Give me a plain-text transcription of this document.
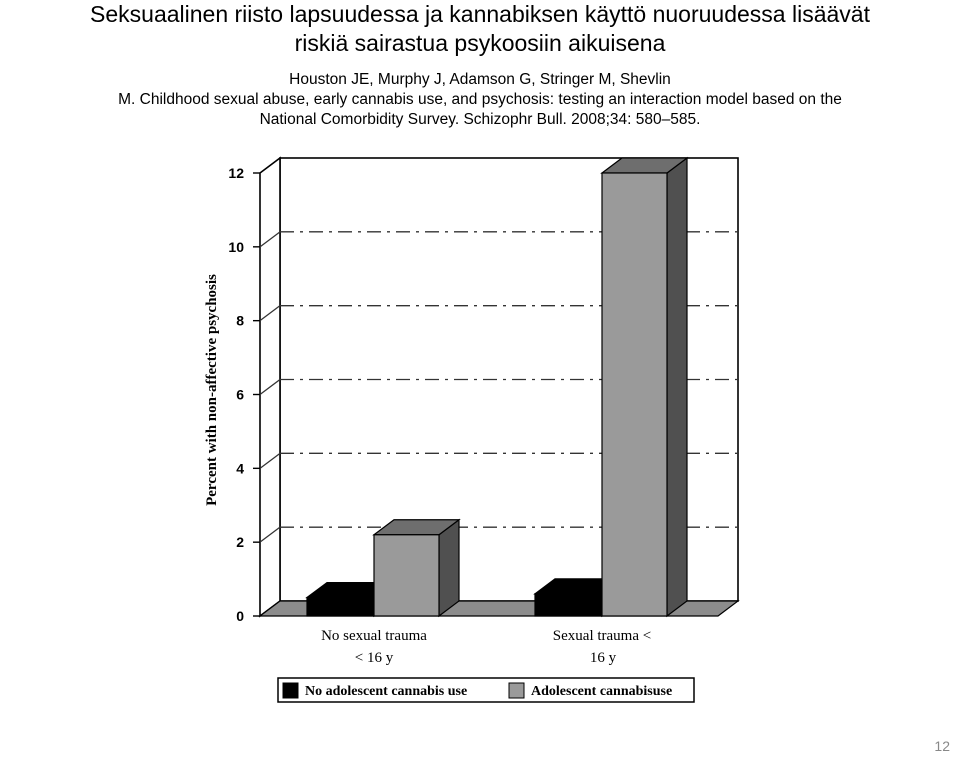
Seksuaalinen riisto lapsuudessa ja kannabiksen käyttö nuoruudessa lisäävät
riskiä sairastua psykoosiin aikuisena
Houston JE, Murphy J, Adamson G, Stringer M, Shevlin
M. Childhood sexual abuse, early cannabis use, and psychosis: testing an interaction model based on the
National Comorbidity Survey. Schizophr Bull. 2008;34: 580–585.
0
2
4
6
8
10
12
Percent with non-affective psychosis
No sexual trauma
< 16 y
Sexual trauma <
16 y
No adolescent cannabis use	Adolescent cannabisuse
12
